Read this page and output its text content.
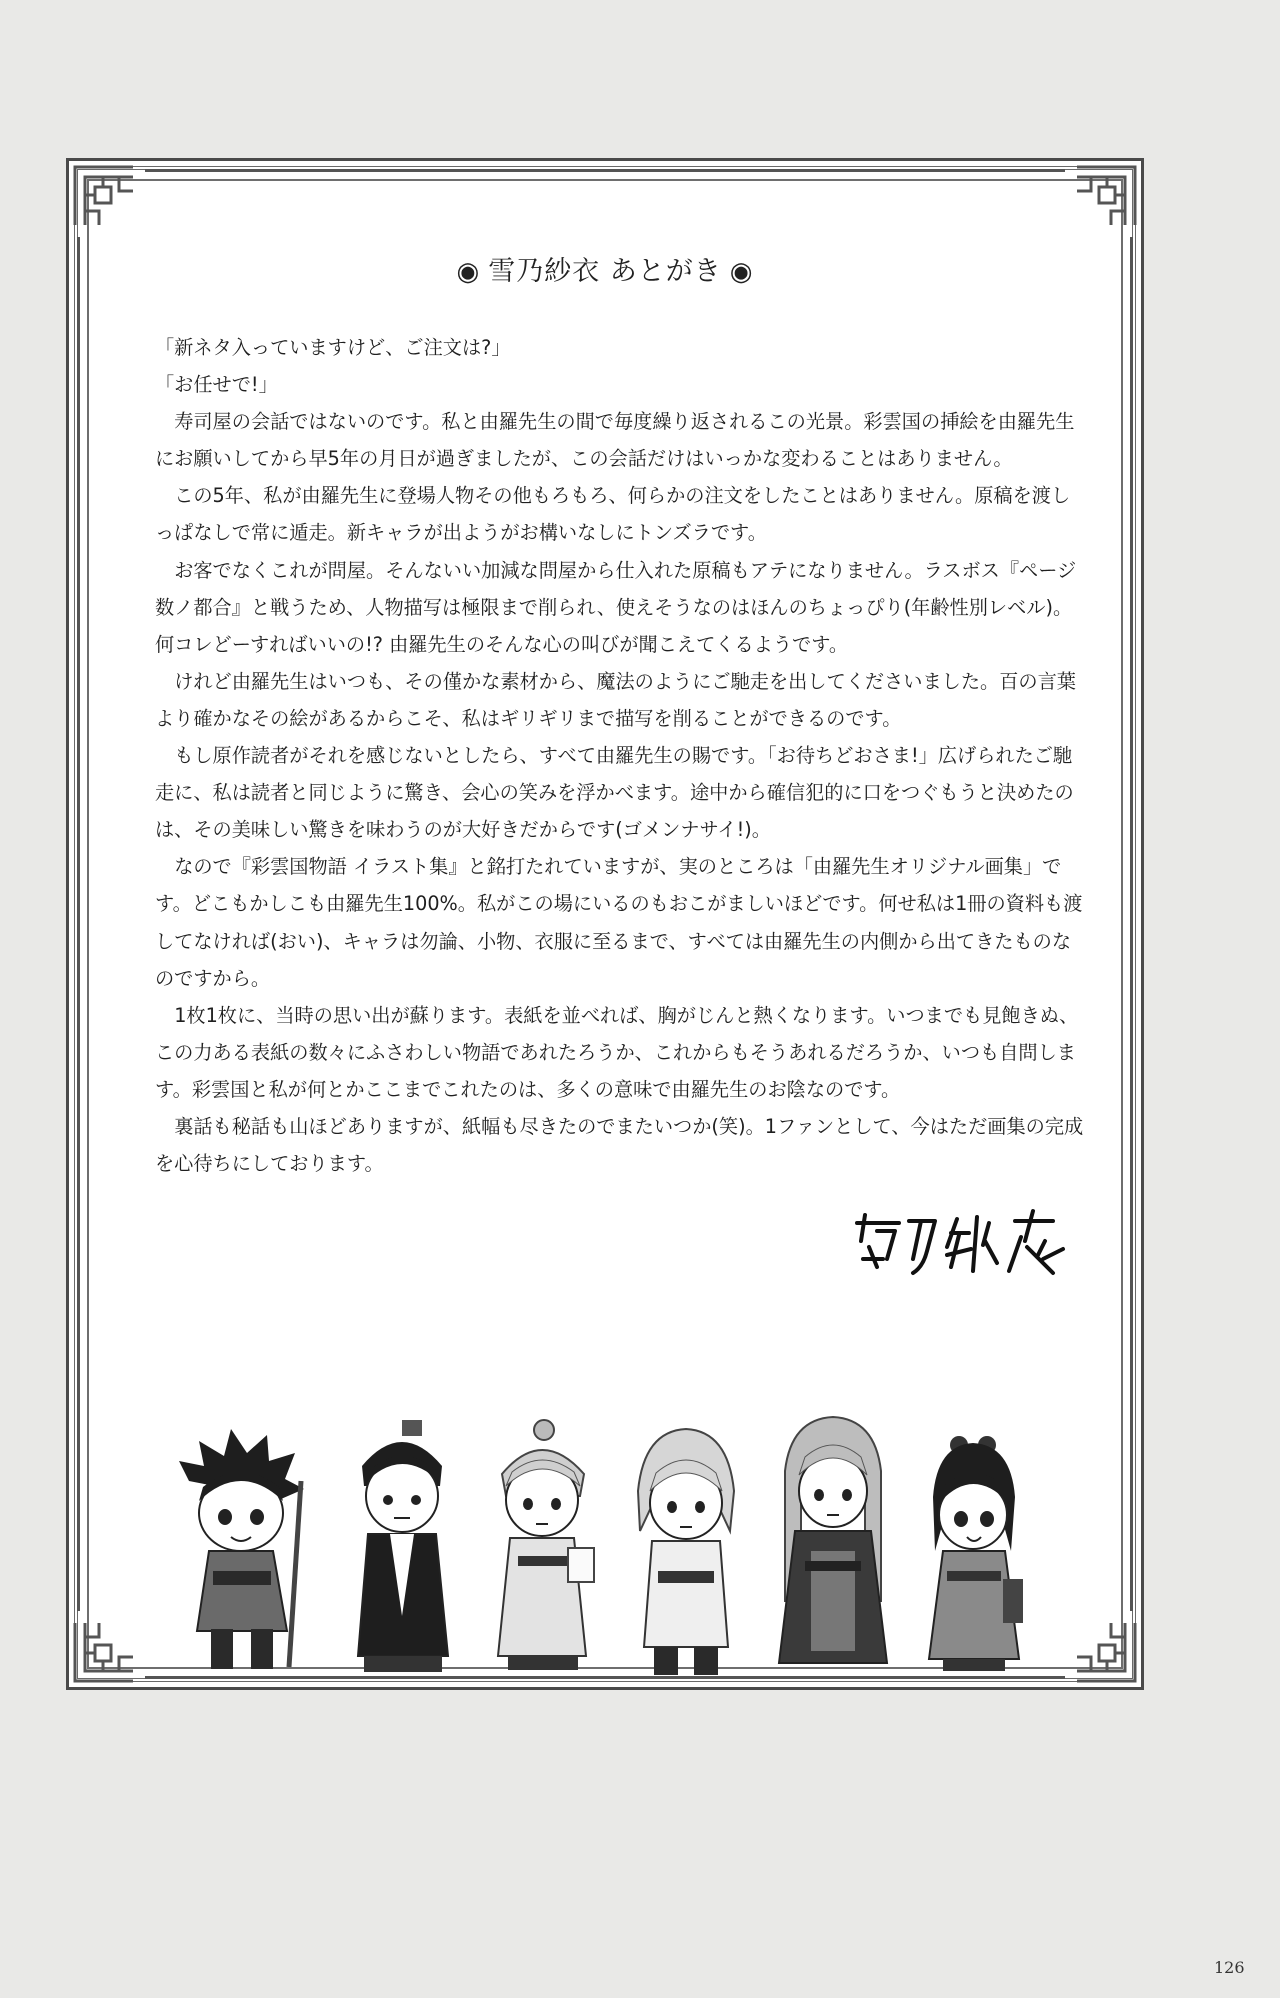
◉ 雪乃紗衣 あとがき ◉

「新ネタ入っていますけど、ご注文は?」

「お任せで!」

寿司屋の会話ではないのです。私と由羅先生の間で毎度繰り返されるこの光景。彩雲国の挿絵を由羅先生にお願いしてから早5年の月日が過ぎましたが、この会話だけはいっかな変わることはありません。

この5年、私が由羅先生に登場人物その他もろもろ、何らかの注文をしたことはありません。原稿を渡しっぱなしで常に遁走。新キャラが出ようがお構いなしにトンズラです。

お客でなくこれが問屋。そんないい加減な問屋から仕入れた原稿もアテになりません。ラスボス『ページ数ノ都合』と戦うため、人物描写は極限まで削られ、使えそうなのはほんのちょっぴり(年齢性別レベル)。何コレどーすればいいの!? 由羅先生のそんな心の叫びが聞こえてくるようです。

けれど由羅先生はいつも、その僅かな素材から、魔法のようにご馳走を出してくださいました。百の言葉より確かなその絵があるからこそ、私はギリギリまで描写を削ることができるのです。

もし原作読者がそれを感じないとしたら、すべて由羅先生の賜です。「お待ちどおさま!」広げられたご馳走に、私は読者と同じように驚き、会心の笑みを浮かべます。途中から確信犯的に口をつぐもうと決めたのは、その美味しい驚きを味わうのが大好きだからです(ゴメンナサイ!)。

なので『彩雲国物語 イラスト集』と銘打たれていますが、実のところは「由羅先生オリジナル画集」です。どこもかしこも由羅先生100%。私がこの場にいるのもおこがましいほどです。何せ私は1冊の資料も渡してなければ(おい)、キャラは勿論、小物、衣服に至るまで、すべては由羅先生の内側から出てきたものなのですから。

1枚1枚に、当時の思い出が蘇ります。表紙を並べれば、胸がじんと熱くなります。いつまでも見飽きぬ、この力ある表紙の数々にふさわしい物語であれたろうか、これからもそうあれるだろうか、いつも自問します。彩雲国と私が何とかここまでこれたのは、多くの意味で由羅先生のお陰なのです。

裏話も秘話も山ほどありますが、紙幅も尽きたのでまたいつか(笑)。1ファンとして、今はただ画集の完成を心待ちにしております。

126
